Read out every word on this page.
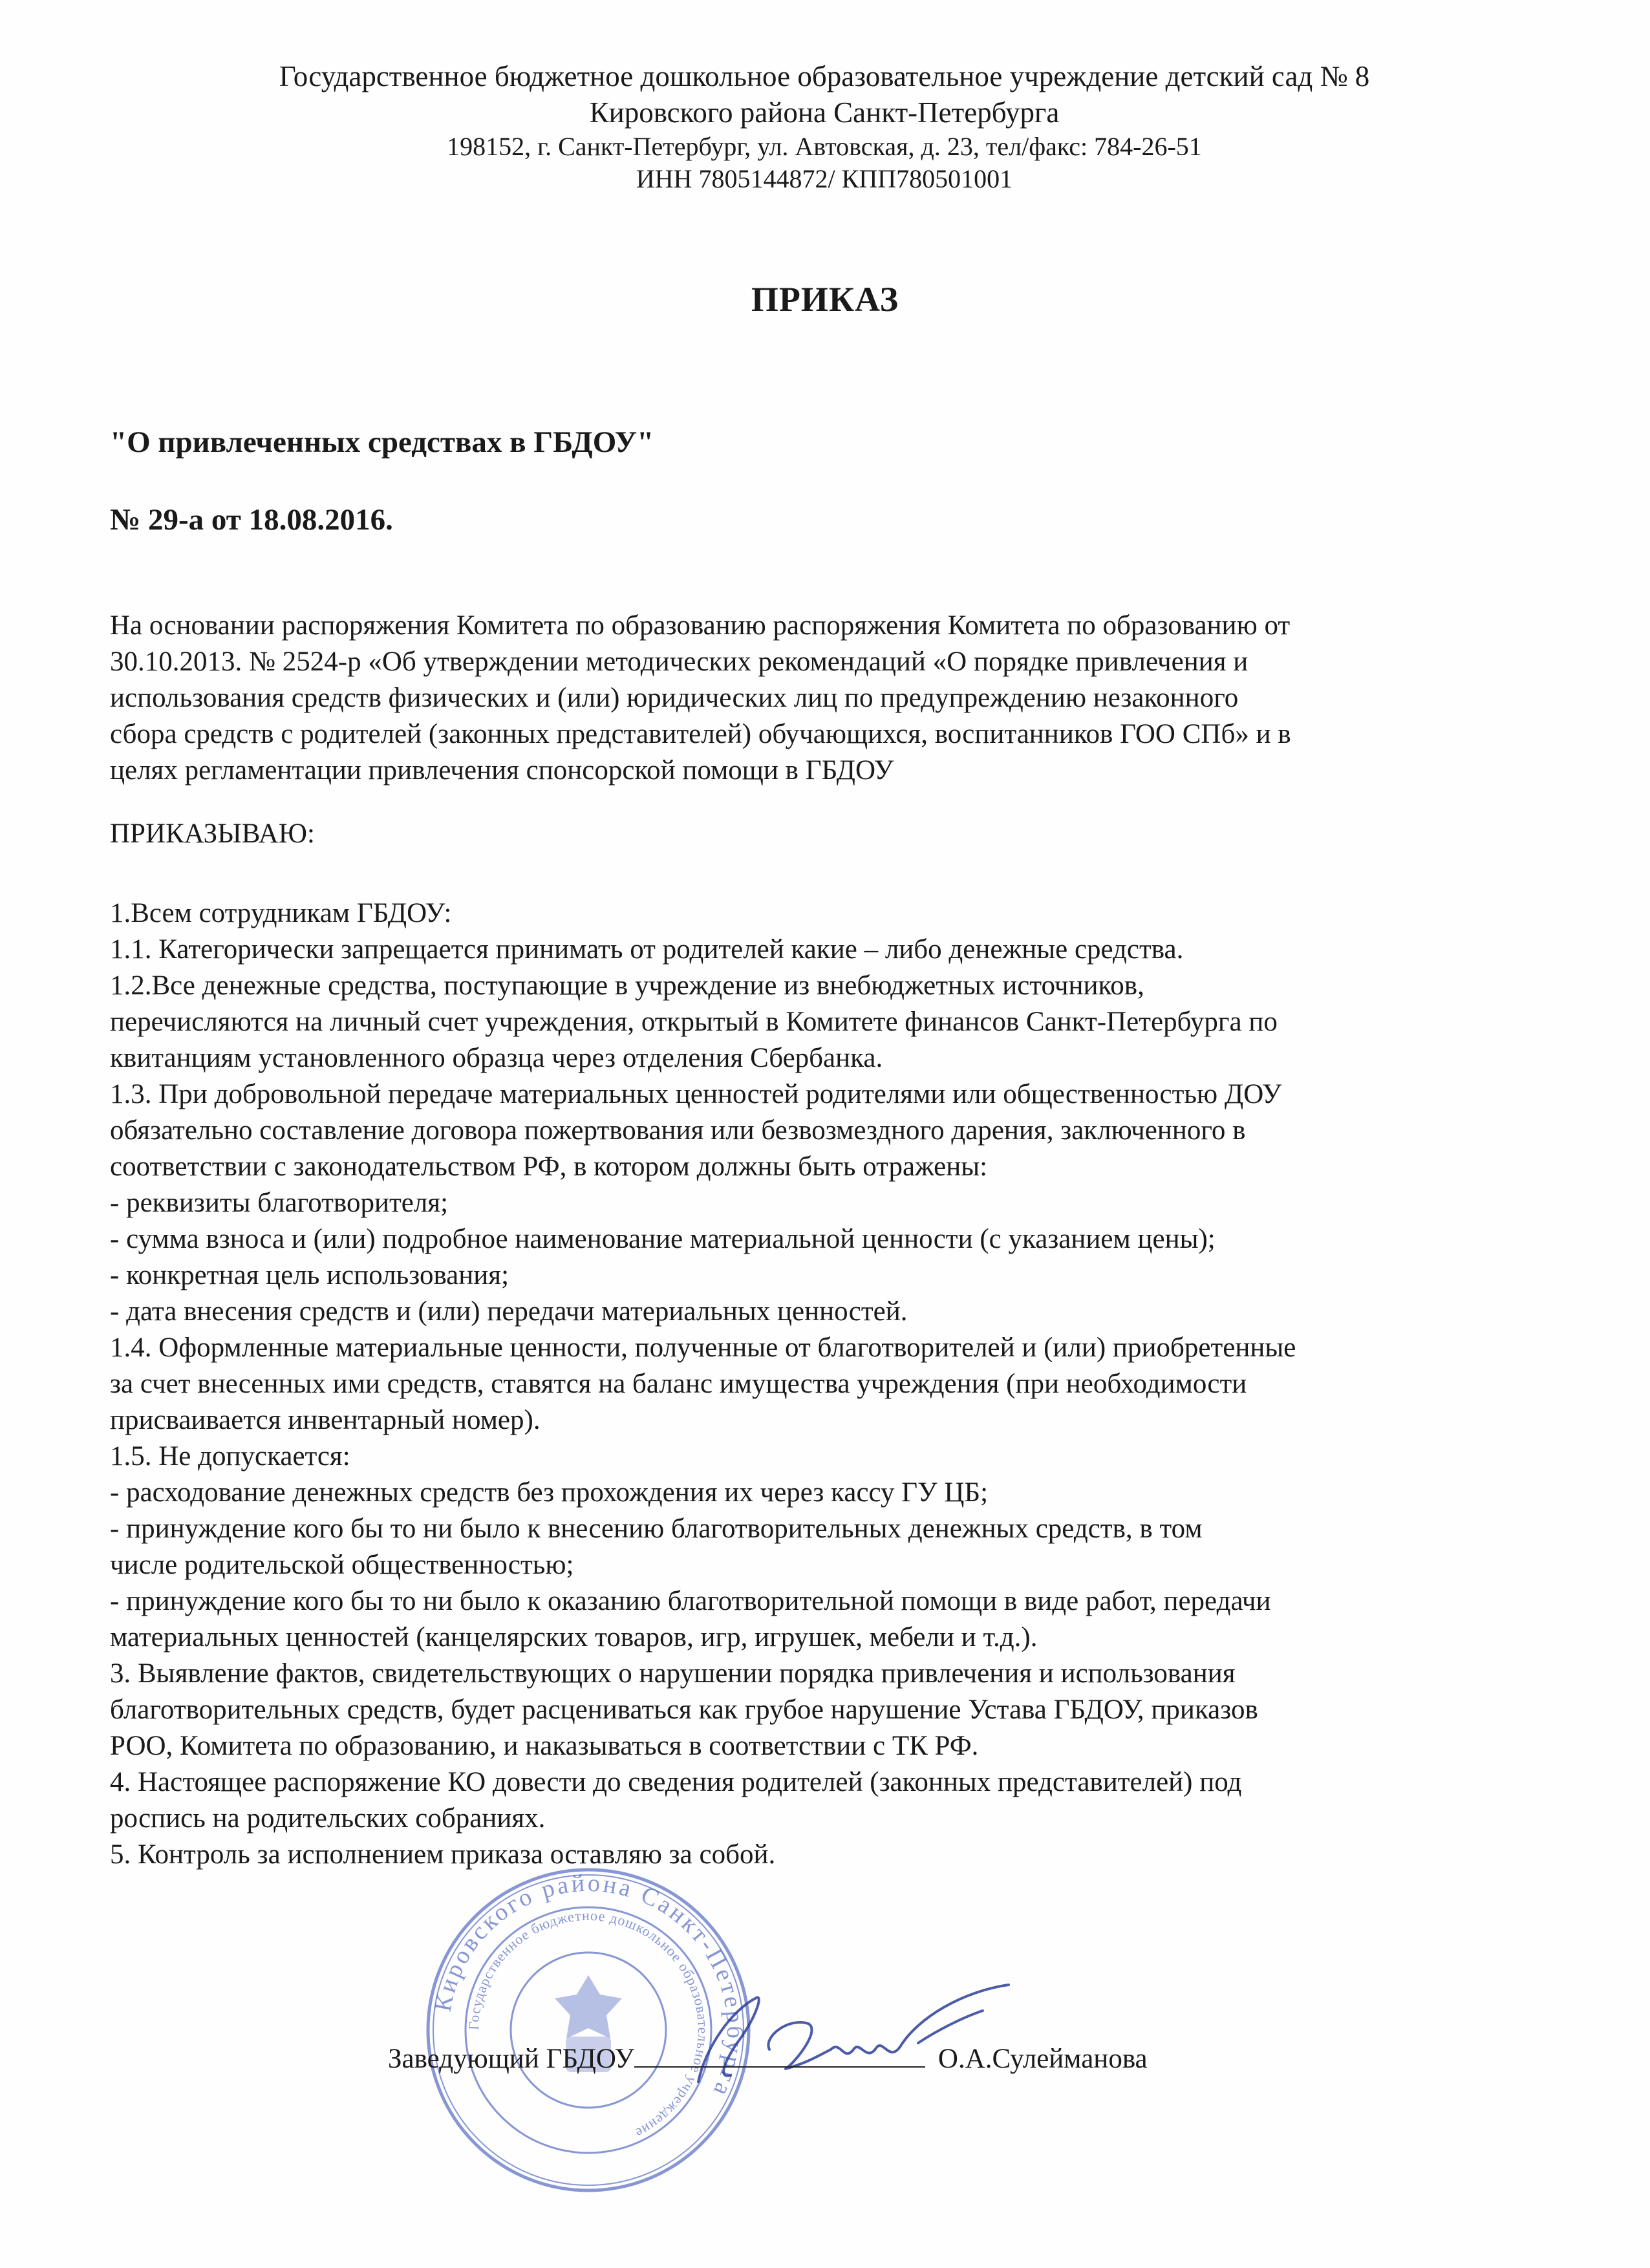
Государственное бюджетное дошкольное образовательное учреждение детский сад № 8
Кировского района Санкт-Петербурга
198152, г. Санкт-Петербург, ул. Автовская, д. 23, тел/факс: 784-26-51
ИНН 7805144872/ КПП780501001
ПРИКАЗ
"О привлеченных средствах в ГБДОУ"
№ 29-а от 18.08.2016.
На основании распоряжения Комитета по образованию распоряжения Комитета по образованию от
30.10.2013. № 2524-р «Об утверждении методических рекомендаций «О порядке привлечения и
использования средств физических и (или) юридических лиц по предупреждению незаконного
сбора средств с родителей (законных представителей) обучающихся, воспитанников ГОО СПб» и в
целях регламентации привлечения спонсорской помощи в ГБДОУ
ПРИКАЗЫВАЮ:
1.Всем сотрудникам ГБДОУ:
1.1. Категорически запрещается принимать от родителей какие – либо денежные средства.
1.2.Все денежные средства, поступающие в учреждение из внебюджетных источников,
перечисляются на личный счет учреждения, открытый в Комитете финансов Санкт-Петербурга по
квитанциям установленного образца через отделения Сбербанка.
1.3. При добровольной передаче материальных ценностей родителями или общественностью ДОУ
обязательно составление договора пожертвования или безвозмездного дарения, заключенного в
соответствии с законодательством РФ, в котором должны быть отражены:
- реквизиты благотворителя;
- сумма взноса и (или) подробное наименование материальной ценности (с указанием цены);
- конкретная цель использования;
- дата внесения средств и (или) передачи материальных ценностей.
1.4. Оформленные материальные ценности, полученные от благотворителей и (или) приобретенные
за счет внесенных ими средств, ставятся на баланс имущества учреждения (при необходимости
присваивается инвентарный номер).
1.5. Не допускается:
- расходование денежных средств без прохождения их через кассу ГУ ЦБ;
- принуждение кого бы то ни было к внесению благотворительных денежных средств, в том
числе родительской общественностью;
- принуждение кого бы то ни было к оказанию благотворительной помощи в виде работ, передачи
материальных ценностей (канцелярских товаров, игр, игрушек, мебели и т.д.).
3. Выявление фактов, свидетельствующих о нарушении порядка привлечения и использования
благотворительных средств, будет расцениваться как грубое нарушение Устава ГБДОУ, приказов
РОО, Комитета по образованию, и наказываться в соответствии с ТК РФ.
4. Настоящее распоряжение КО довести до сведения родителей (законных представителей) под
роспись на родительских собраниях.
5. Контроль за исполнением приказа оставляю за собой.
Кировского района Санкт-Петербурга
Государственное бюджетное дошкольное образовательное учреждение
Заведующий ГБДОУ	О.А.Сулейманова
